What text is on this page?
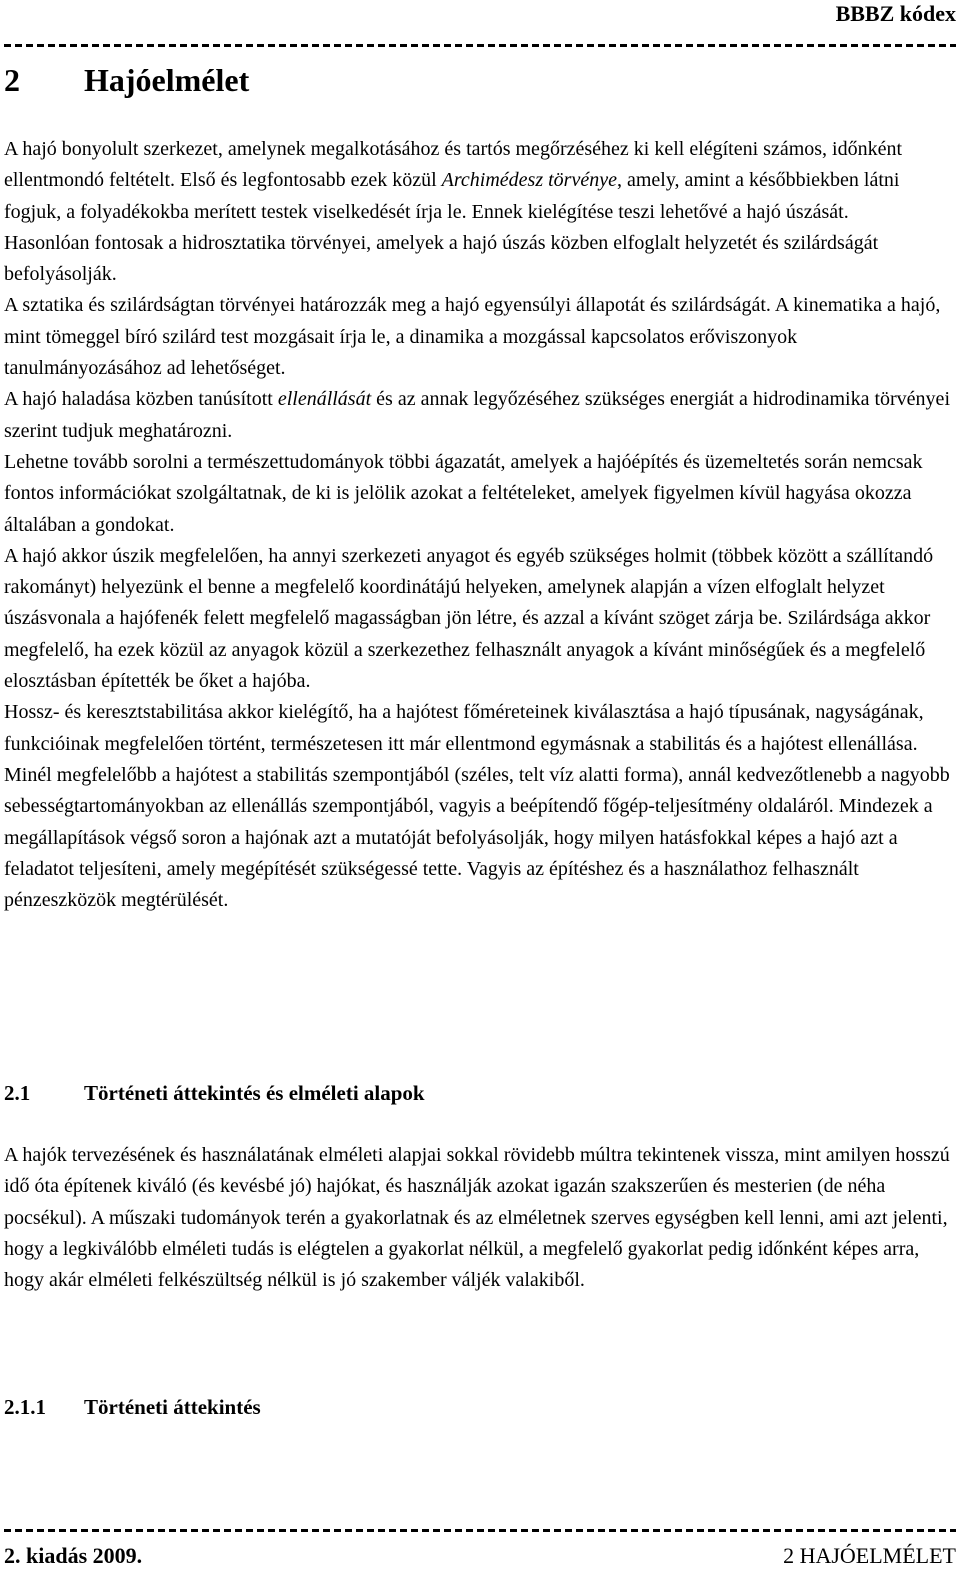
BBBZ kódex
2 Hajóelmélet

A hajó bonyolult szerkezet, amelynek megalkotásához és tartós megőrzéséhez ki kell elégíteni számos, időnként ellentmondó feltételt. Első és legfontosabb ezek közül Archimédesz törvénye, amely, amint a későbbiekben látni fogjuk, a folyadékokba merített testek viselkedését írja le. Ennek kielégítése teszi lehetővé a hajó úszását.

Hasonlóan fontosak a hidrosztatika törvényei, amelyek a hajó úszás közben elfoglalt helyzetét és szilárdságát befolyásolják.

A sztatika és szilárdságtan törvényei határozzák meg a hajó egyensúlyi állapotát és szilárdságát. A kinematika a hajó, mint tömeggel bíró szilárd test mozgásait írja le, a dinamika a mozgással kapcsolatos erőviszonyok tanulmányozásához ad lehetőséget.

A hajó haladása közben tanúsított ellenállását és az annak legyőzéséhez szükséges energiát a hidrodinamika törvényei szerint tudjuk meghatározni.

Lehetne tovább sorolni a természettudományok többi ágazatát, amelyek a hajóépítés és üzemeltetés során nemcsak fontos információkat szolgáltatnak, de ki is jelölik azokat a feltételeket, amelyek figyelmen kívül hagyása okozza általában a gondokat.

A hajó akkor úszik megfelelően, ha annyi szerkezeti anyagot és egyéb szükséges holmit (többek között a szállítandó rakományt) helyezünk el benne a megfelelő koordinátájú helyeken, amelynek alapján a vízen elfoglalt helyzet úszásvonala a hajófenék felett megfelelő magasságban jön létre, és azzal a kívánt szöget zárja be. Szilárdsága akkor megfelelő, ha ezek közül az anyagok közül a szerkezethez felhasznált anyagok a kívánt minőségűek és a megfelelő elosztásban építették be őket a hajóba.

Hossz- és keresztstabilitása akkor kielégítő, ha a hajótest főméreteinek kiválasztása a hajó típusának, nagyságának, funkcióinak megfelelően történt, természetesen itt már ellentmond egymásnak a stabilitás és a hajótest ellenállása. Minél megfelelőbb a hajótest a stabilitás szempontjából (széles, telt víz alatti forma), annál kedvezőtlenebb a nagyobb sebességtartományokban az ellenállás szempontjából, vagyis a beépítendő főgép-teljesítmény oldaláról. Mindezek a megállapítások végső soron a hajónak azt a mutatóját befolyásolják, hogy milyen hatásfokkal képes a hajó azt a feladatot teljesíteni, amely megépítését szükségessé tette. Vagyis az építéshez és a használathoz felhasznált pénzeszközök megtérülését.

2.1	Történeti áttekintés és elméleti alapok

A hajók tervezésének és használatának elméleti alapjai sokkal rövidebb múltra tekintenek vissza, mint amilyen hosszú idő óta építenek kiváló (és kevésbé jó) hajókat, és használják azokat igazán szakszerűen és mesterien (de néha pocsékul). A műszaki tudományok terén a gyakorlatnak és az elméletnek szerves egységben kell lenni, ami azt jelenti, hogy a legkiválóbb elméleti tudás is elégtelen a gyakorlat nélkül, a megfelelő gyakorlat pedig időnként képes arra, hogy akár elméleti felkészültség nélkül is jó szakember váljék valakiből.

2.1.1 Történeti áttekintés
2. kiadás 2009.	2 HAJÓELMÉLET
